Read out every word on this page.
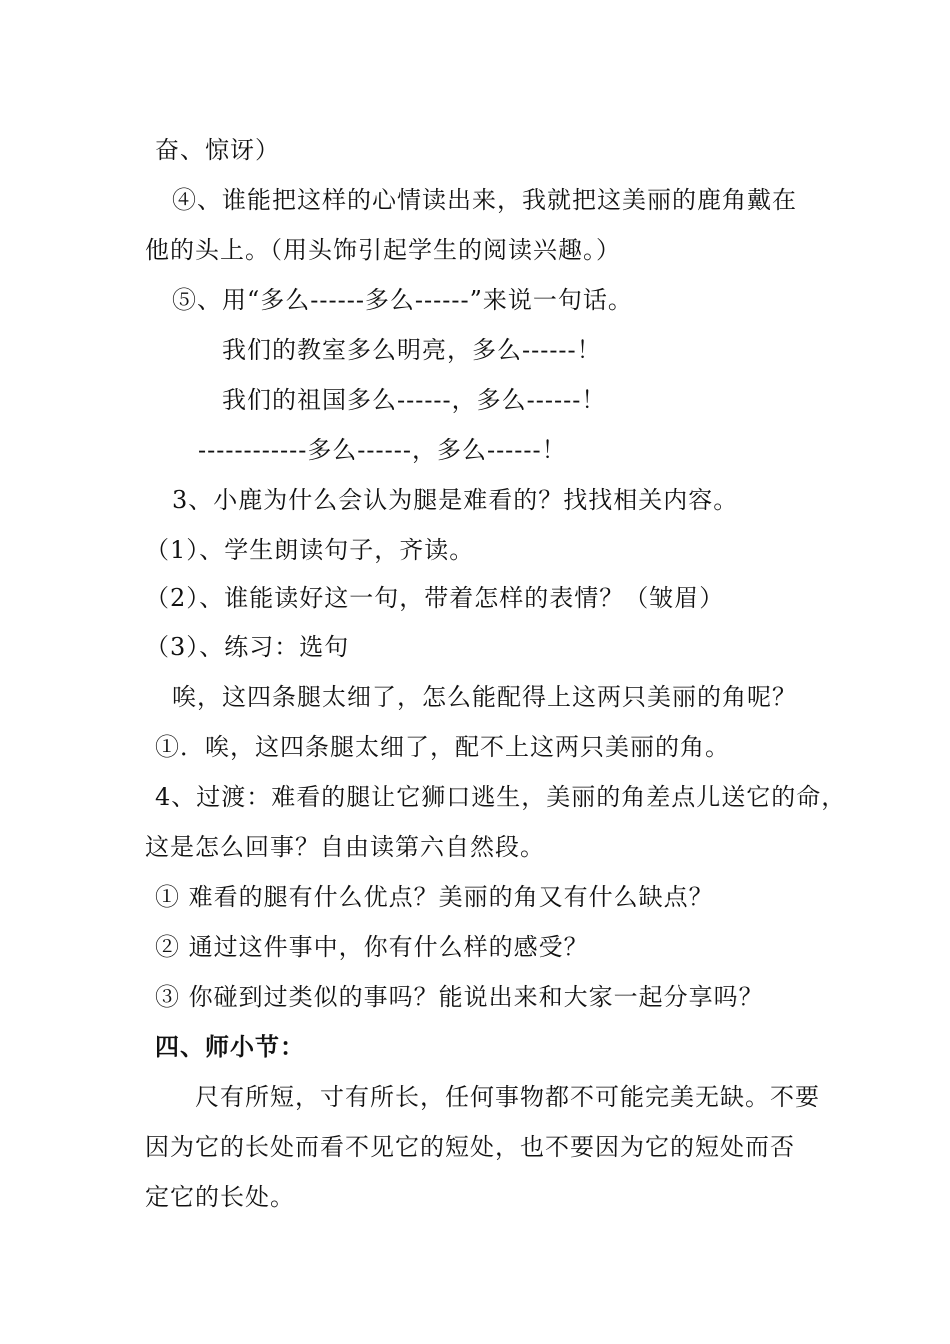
奋、惊讶）
④、谁能把这样的心情读出来，我就把这美丽的鹿角戴在
他的头上。（用头饰引起学生的阅读兴趣。）
⑤、用“多么------多么------”来说一句话。
我们的教室多么明亮，多么------！
我们的祖国多么------，多么------！
------------多么------，多么------！
3、小鹿为什么会认为腿是难看的？找找相关内容。
（1）、学生朗读句子，齐读。
（2）、谁能读好这一句，带着怎样的表情？（皱眉）
（3）、练习：选句
唉，这四条腿太细了，怎么能配得上这两只美丽的角呢？
①．唉，这四条腿太细了，配不上这两只美丽的角。
4、过渡：难看的腿让它狮口逃生，美丽的角差点儿送它的命，
这是怎么回事？自由读第六自然段。
① 难看的腿有什么优点？美丽的角又有什么缺点？
② 通过这件事中，你有什么样的感受？
③ 你碰到过类似的事吗？能说出来和大家一起分享吗？
四、师小节：
尺有所短，寸有所长，任何事物都不可能完美无缺。不要
因为它的长处而看不见它的短处，也不要因为它的短处而否
定它的长处。
